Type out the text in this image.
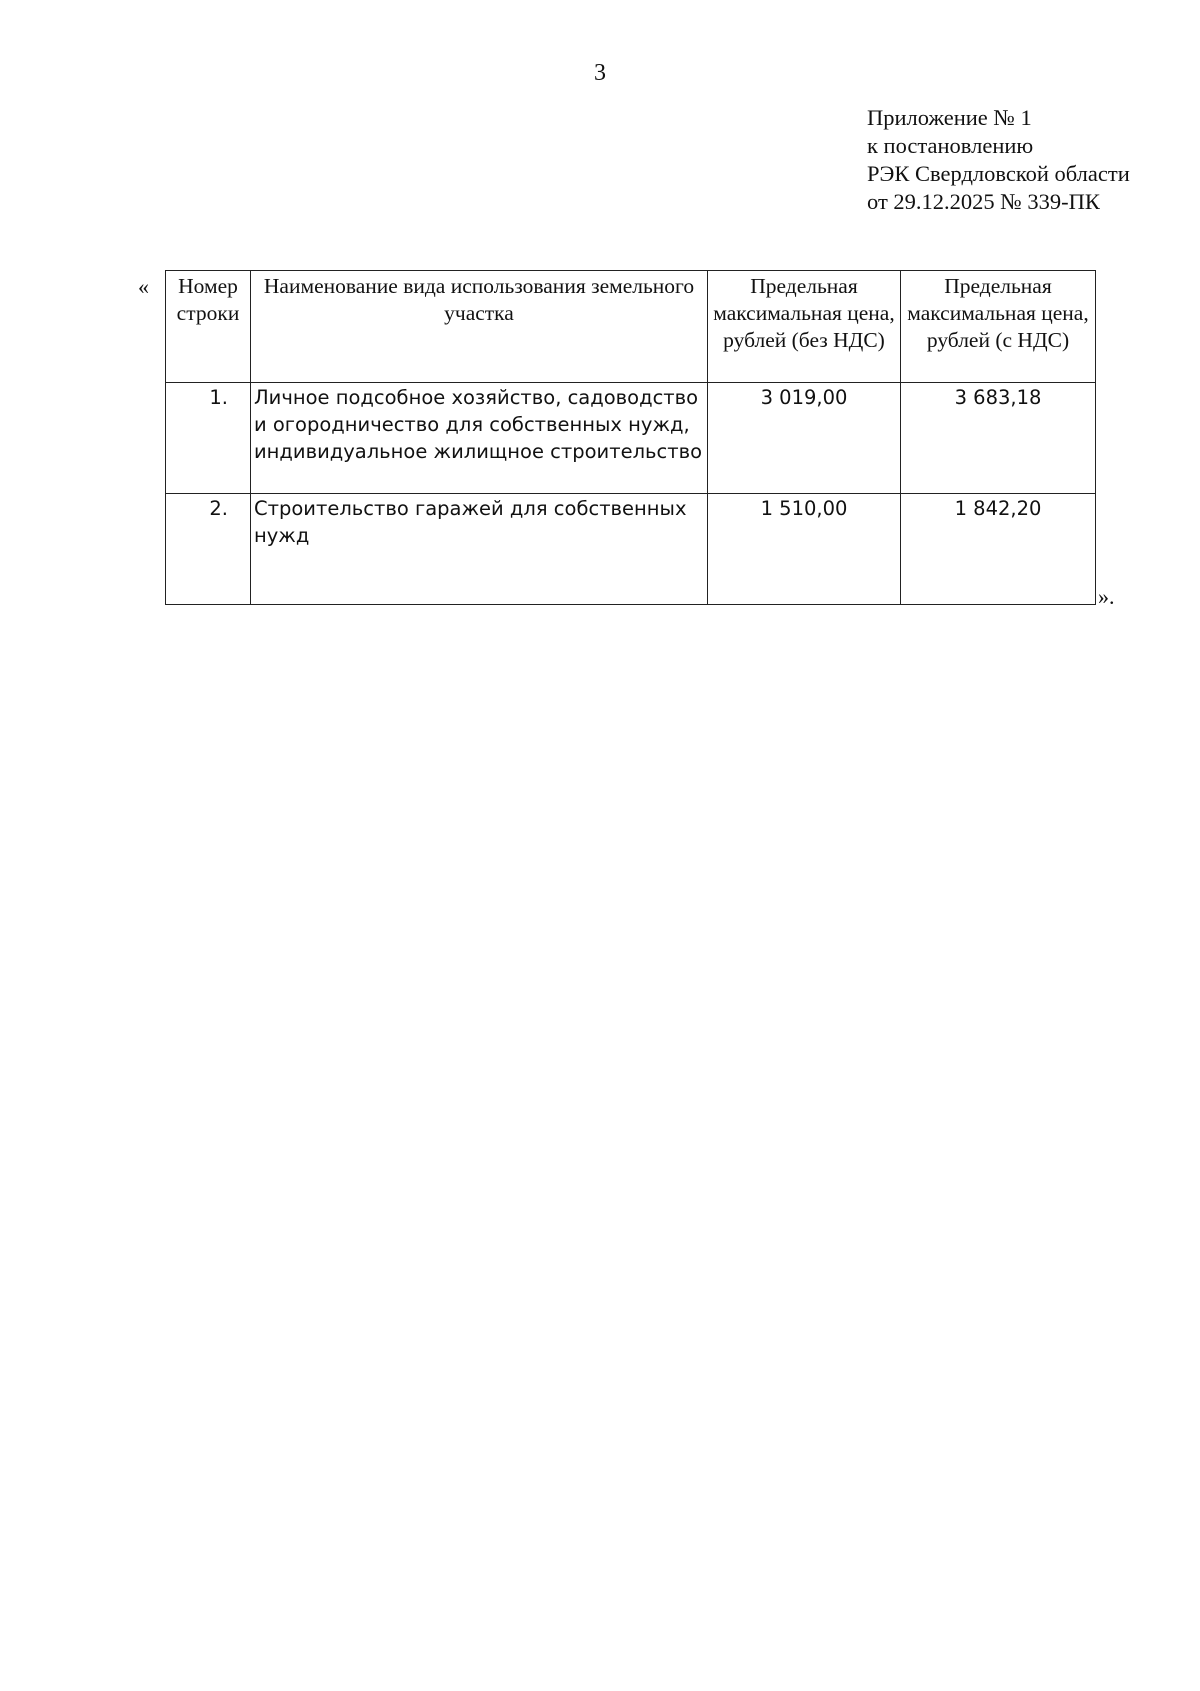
3
Приложение № 1
к постановлению
РЭК Свердловской области
от 29.12.2025 № 339-ПК
« Номер строки	Наименование вида использования земельного участка	Предельная максимальная цена, рублей (без НДС)	Предельная максимальная цена, рублей (с НДС)
1.	Личное подсобное хозяйство, садоводство и огородничество для собственных нужд, индивидуальное жилищное строительство	3 019,00	3 683,18
2.	Строительство гаражей для собственных нужд	1 510,00	1 842,20
».
